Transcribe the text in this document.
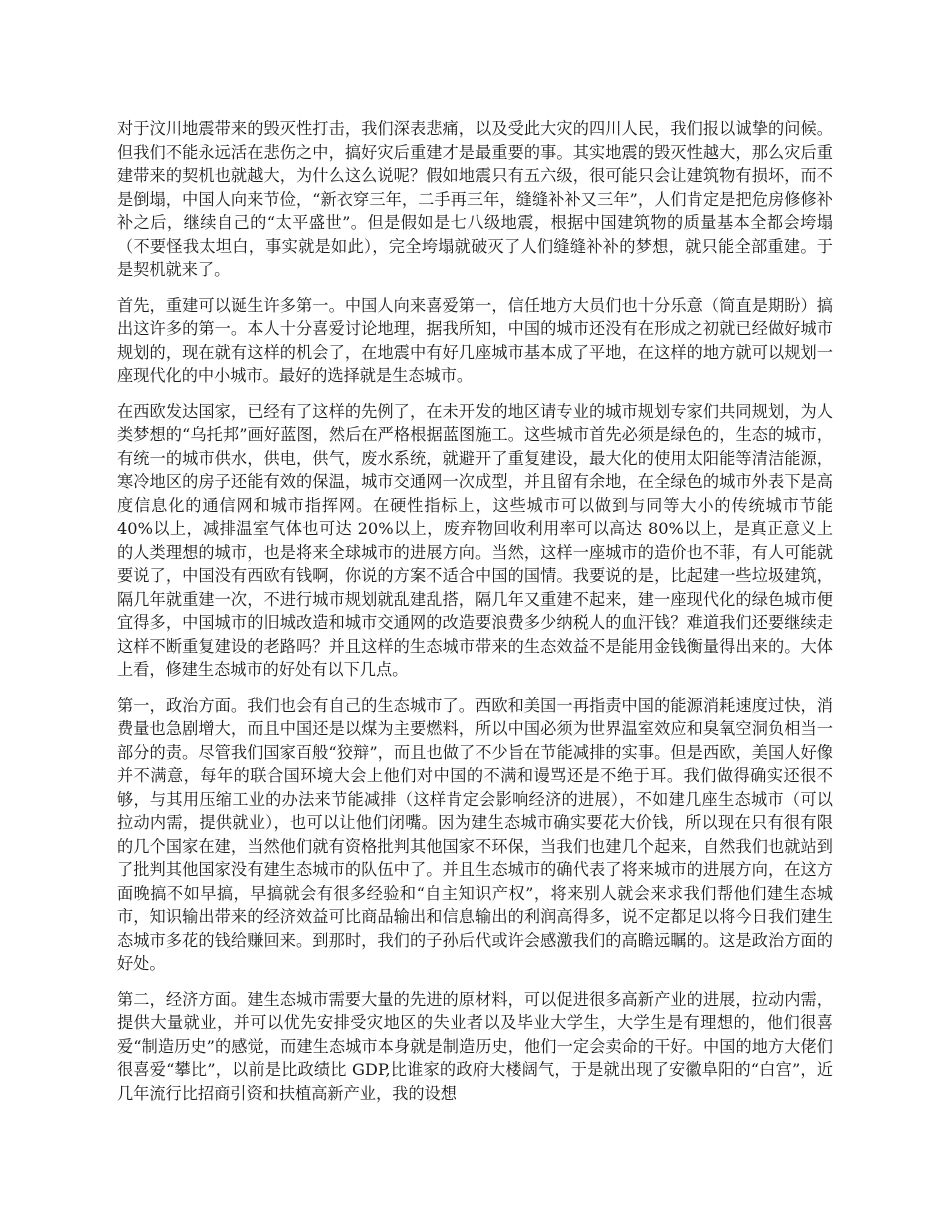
对于汶川地震带来的毁灭性打击，我们深表悲痛，以及受此大灾的四川人民，我们报以诚挚的问候。但我们不能永远活在悲伤之中，搞好灾后重建才是最重要的事。其实地震的毁灭性越大，那么灾后重建带来的契机也就越大，为什么这么说呢？假如地震只有五六级，很可能只会让建筑物有损坏，而不是倒塌，中国人向来节俭，“新衣穿三年，二手再三年，缝缝补补又三年”，人们肯定是把危房修修补补之后，继续自己的“太平盛世”。但是假如是七八级地震，根据中国建筑物的质量基本全都会垮塌（不要怪我太坦白，事实就是如此），完全垮塌就破灭了人们缝缝补补的梦想，就只能全部重建。于是契机就来了。

首先，重建可以诞生许多第一。中国人向来喜爱第一，信任地方大员们也十分乐意（简直是期盼）搞出这许多的第一。本人十分喜爱讨论地理，据我所知，中国的城市还没有在形成之初就已经做好城市规划的，现在就有这样的机会了，在地震中有好几座城市基本成了平地，在这样的地方就可以规划一座现代化的中小城市。最好的选择就是生态城市。

在西欧发达国家，已经有了这样的先例了，在未开发的地区请专业的城市规划专家们共同规划，为人类梦想的“乌托邦”画好蓝图，然后在严格根据蓝图施工。这些城市首先必须是绿色的，生态的城市，有统一的城市供水，供电，供气，废水系统，就避开了重复建设，最大化的使用太阳能等清洁能源，寒冷地区的房子还能有效的保温，城市交通网一次成型，并且留有余地，在全绿色的城市外表下是高度信息化的通信网和城市指挥网。在硬性指标上，这些城市可以做到与同等大小的传统城市节能 40%以上，减排温室气体也可达 20%以上，废弃物回收利用率可以高达 80%以上，是真正意义上的人类理想的城市，也是将来全球城市的进展方向。当然，这样一座城市的造价也不菲，有人可能就要说了，中国没有西欧有钱啊，你说的方案不适合中国的国情。我要说的是，比起建一些垃圾建筑，隔几年就重建一次，不进行城市规划就乱建乱搭，隔几年又重建不起来，建一座现代化的绿色城市便宜得多，中国城市的旧城改造和城市交通网的改造要浪费多少纳税人的血汗钱？难道我们还要继续走这样不断重复建设的老路吗？并且这样的生态城市带来的生态效益不是能用金钱衡量得出来的。大体上看，修建生态城市的好处有以下几点。

第一，政治方面。我们也会有自己的生态城市了。西欧和美国一再指责中国的能源消耗速度过快，消费量也急剧增大，而且中国还是以煤为主要燃料，所以中国必须为世界温室效应和臭氧空洞负相当一部分的责。尽管我们国家百般“狡辩”，而且也做了不少旨在节能减排的实事。但是西欧，美国人好像并不满意，每年的联合国环境大会上他们对中国的不满和谩骂还是不绝于耳。我们做得确实还很不够，与其用压缩工业的办法来节能减排（这样肯定会影响经济的进展），不如建几座生态城市（可以拉动内需，提供就业），也可以让他们闭嘴。因为建生态城市确实要花大价钱，所以现在只有很有限的几个国家在建，当然他们就有资格批判其他国家不环保，当我们也建几个起来，自然我们也就站到了批判其他国家没有建生态城市的队伍中了。并且生态城市的确代表了将来城市的进展方向，在这方面晚搞不如早搞，早搞就会有很多经验和“自主知识产权”，将来别人就会来求我们帮他们建生态城市，知识输出带来的经济效益可比商品输出和信息输出的利润高得多，说不定都足以将今日我们建生态城市多花的钱给赚回来。到那时，我们的子孙后代或许会感激我们的高瞻远瞩的。这是政治方面的好处。

第二，经济方面。建生态城市需要大量的先进的原材料，可以促进很多高新产业的进展，拉动内需，提供大量就业，并可以优先安排受灾地区的失业者以及毕业大学生，大学生是有理想的，他们很喜爱“制造历史”的感觉，而建生态城市本身就是制造历史，他们一定会卖命的干好。中国的地方大佬们很喜爱“攀比”，以前是比政绩比 GDP,比谁家的政府大楼阔气，于是就出现了安徽阜阳的“白宫”，近几年流行比招商引资和扶植高新产业，我的设想
